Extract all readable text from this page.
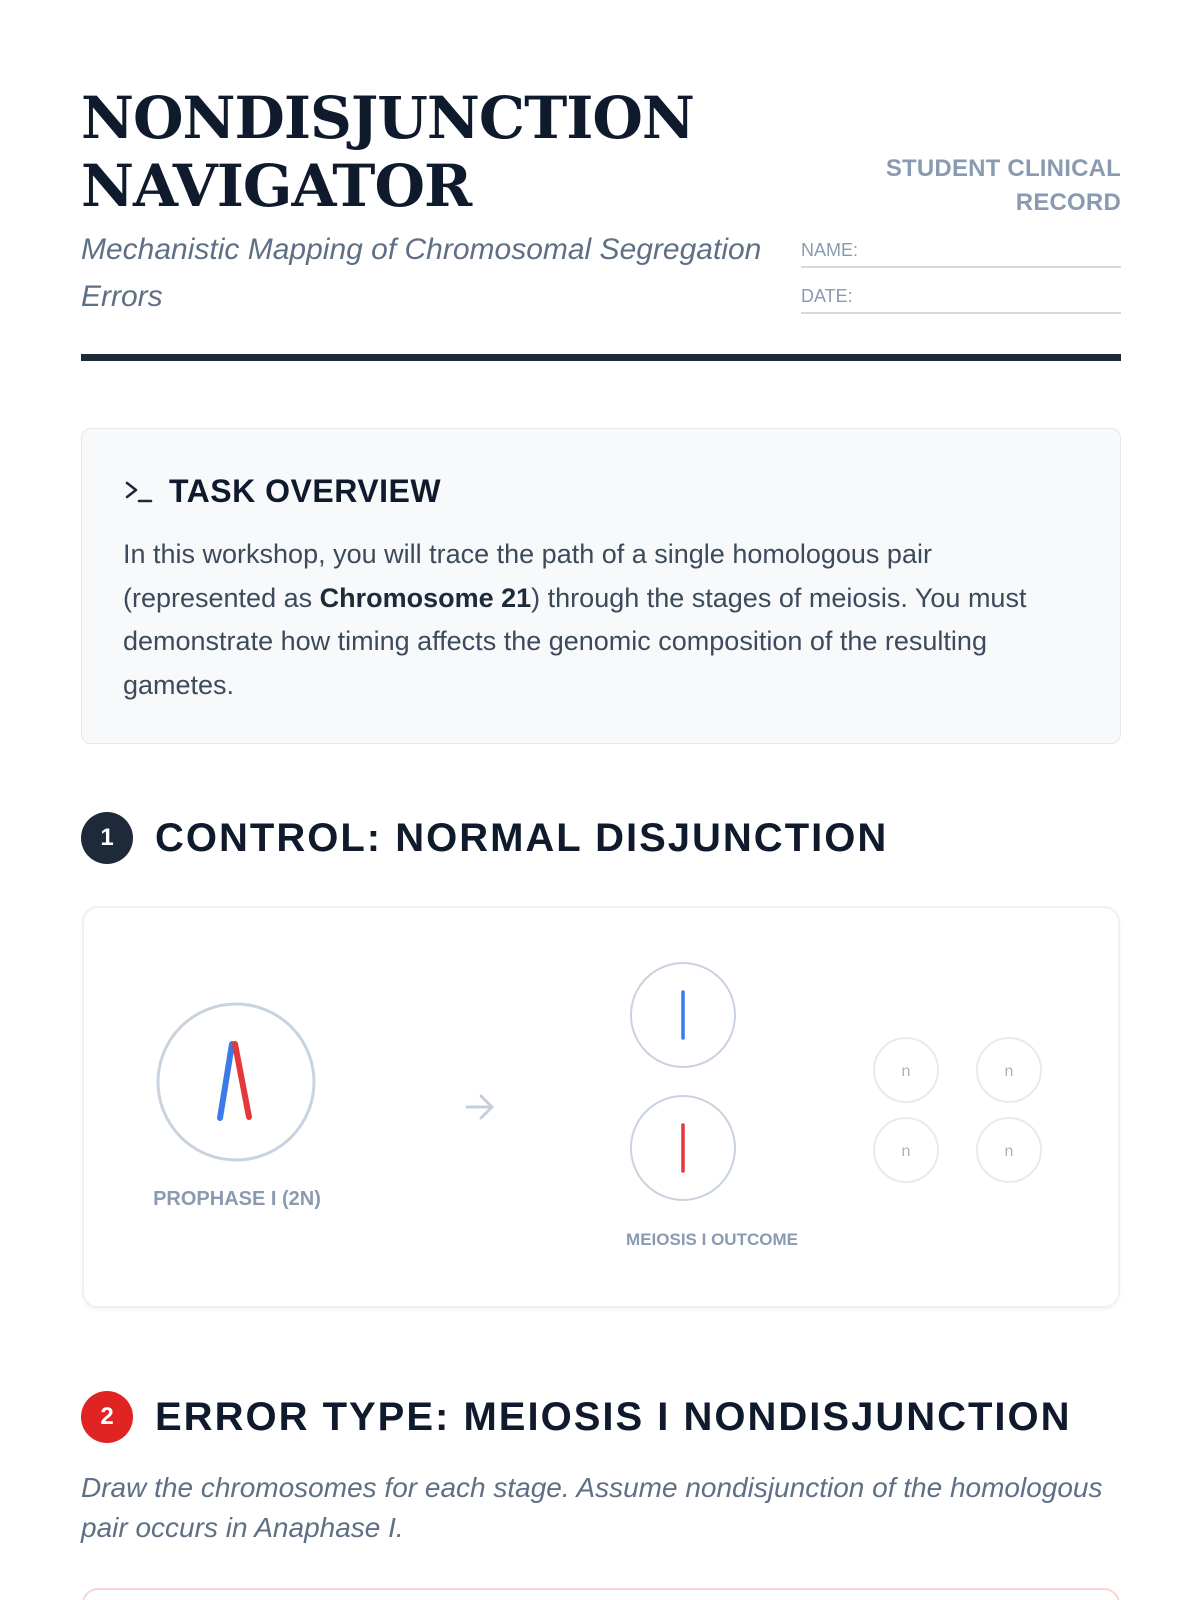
NONDISJUNCTION
NAVIGATOR
Mechanistic Mapping of Chromosomal Segregation Errors
STUDENT CLINICAL RECORD
NAME:
DATE:
TASK OVERVIEW
In this workshop, you will trace the path of a single homologous pair (represented as Chromosome 21) through the stages of meiosis. You must demonstrate how timing affects the genomic composition of the resulting gametes.
1	CONTROL: NORMAL DISJUNCTION
n	n
n	n
PROPHASE I (2N)
MEIOSIS I OUTCOME
2	ERROR TYPE: MEIOSIS I NONDISJUNCTION
Draw the chromosomes for each stage. Assume nondisjunction of the homologous pair occurs in Anaphase I.
